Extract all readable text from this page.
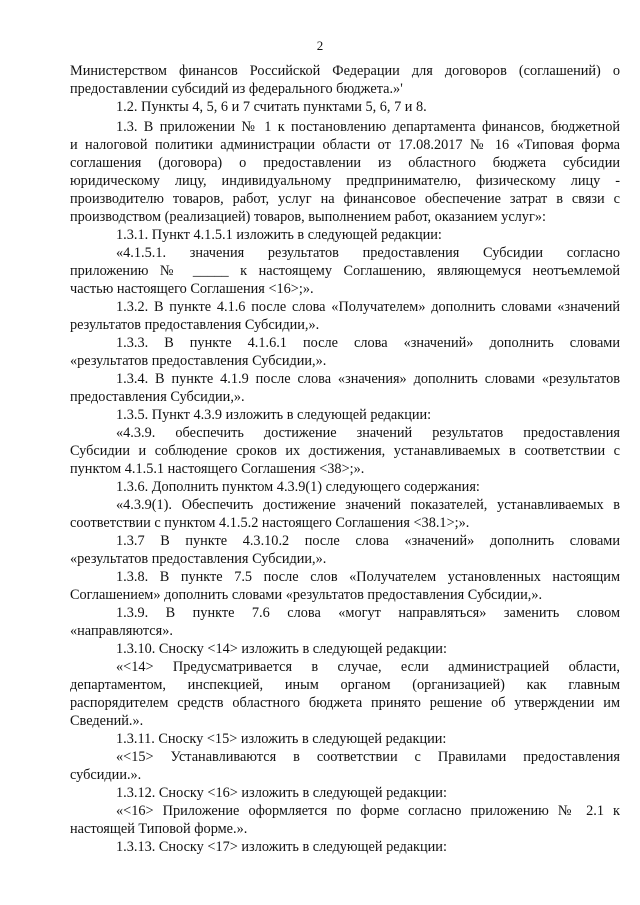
2
Министерством финансов Российской Федерации для договоров (соглашений) о
предоставлении субсидий из федерального бюджета.»'
1.2. Пункты 4, 5, 6 и 7 считать пунктами 5, 6, 7 и 8.
1.3. В приложении № 1 к постановлению департамента финансов, бюджетной
и налоговой политики администрации области от 17.08.2017 № 16 «Типовая форма
соглашения (договора) о предоставлении из областного бюджета субсидии
юридическому лицу, индивидуальному предпринимателю, физическому лицу -
производителю товаров, работ, услуг на финансовое обеспечение затрат в связи с
производством (реализацией) товаров, выполнением работ, оказанием услуг»:
1.3.1. Пункт 4.1.5.1 изложить в следующей редакции:
«4.1.5.1. значения результатов предоставления Субсидии согласно
приложению № _____ к настоящему Соглашению, являющемуся неотъемлемой
частью настоящего Соглашения <16>;».
1.3.2. В пункте 4.1.6 после слова «Получателем» дополнить словами «значений
результатов предоставления Субсидии,».
1.3.3. В пункте 4.1.6.1 после слова «значений» дополнить словами
«результатов предоставления Субсидии,».
1.3.4. В пункте 4.1.9 после слова «значения» дополнить словами «результатов
предоставления Субсидии,».
1.3.5. Пункт 4.3.9 изложить в следующей редакции:
«4.3.9. обеспечить достижение значений результатов предоставления
Субсидии и соблюдение сроков их достижения, устанавливаемых в соответствии с
пунктом 4.1.5.1 настоящего Соглашения <38>;».
1.3.6. Дополнить пунктом 4.3.9(1) следующего содержания:
«4.3.9(1). Обеспечить достижение значений показателей, устанавливаемых в
соответствии с пунктом 4.1.5.2 настоящего Соглашения <38.1>;».
1.3.7 В пункте 4.3.10.2 после слова «значений» дополнить словами
«результатов предоставления Субсидии,».
1.3.8. В пункте 7.5 после слов «Получателем установленных настоящим
Соглашением» дополнить словами «результатов предоставления Субсидии,».
1.3.9. В пункте 7.6 слова «могут направляться» заменить словом
«направляются».
1.3.10. Сноску <14> изложить в следующей редакции:
«<14> Предусматривается в случае, если администрацией области,
департаментом, инспекцией, иным органом (организацией) как главным
распорядителем средств областного бюджета принято решение об утверждении им
Сведений.».
1.3.11. Сноску <15> изложить в следующей редакции:
«<15> Устанавливаются в соответствии с Правилами предоставления
субсидии.».
1.3.12. Сноску <16> изложить в следующей редакции:
«<16> Приложение оформляется по форме согласно приложению № 2.1 к
настоящей Типовой форме.».
1.3.13. Сноску <17> изложить в следующей редакции:
